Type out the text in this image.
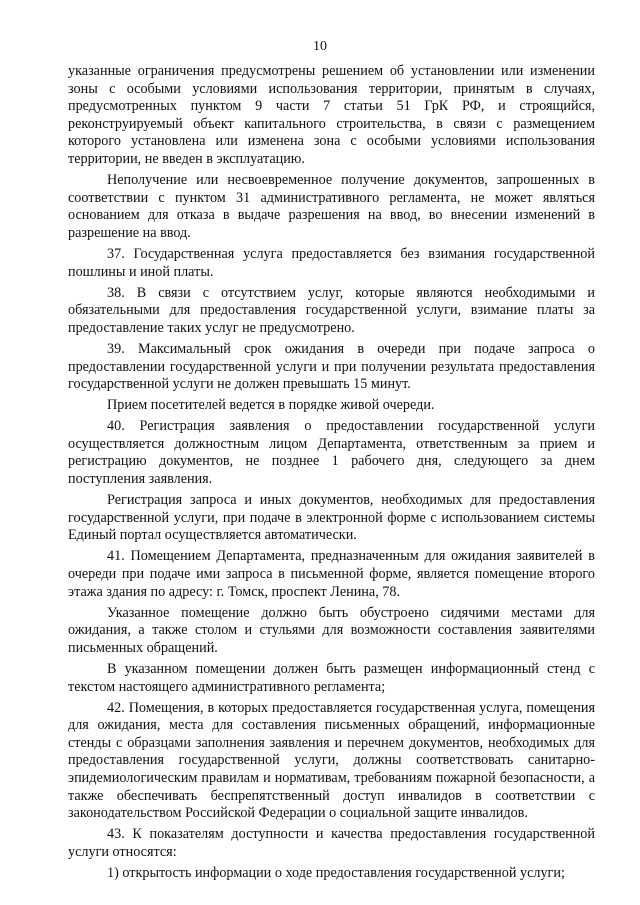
10

указанные ограничения предусмотрены решением об установлении или изменении зоны с особыми условиями использования территории, принятым в случаях, предусмотренных пунктом 9 части 7 статьи 51 ГрК РФ, и строящийся, реконструируемый объект капитального строительства, в связи с размещением которого установлена или изменена зона с особыми условиями использования территории, не введен в эксплуатацию.

Неполучение или несвоевременное получение документов, запрошенных в соответствии с пунктом 31 административного регламента, не может являться основанием для отказа в выдаче разрешения на ввод, во внесении изменений в разрешение на ввод.

37. Государственная услуга предоставляется без взимания государственной пошлины и иной платы.

38. В связи с отсутствием услуг, которые являются необходимыми и обязательными для предоставления государственной услуги, взимание платы за предоставление таких услуг не предусмотрено.

39. Максимальный срок ожидания в очереди при подаче запроса о предоставлении государственной услуги и при получении результата предоставления государственной услуги не должен превышать 15 минут.

Прием посетителей ведется в порядке живой очереди.

40. Регистрация заявления о предоставлении государственной услуги осуществляется должностным лицом Департамента, ответственным за прием и регистрацию документов, не позднее 1 рабочего дня, следующего за днем поступления заявления.

Регистрация запроса и иных документов, необходимых для предоставления государственной услуги, при подаче в электронной форме с использованием системы Единый портал осуществляется автоматически.

41. Помещением Департамента, предназначенным для ожидания заявителей в очереди при подаче ими запроса в письменной форме, является помещение второго этажа здания по адресу: г. Томск, проспект Ленина, 78.

Указанное помещение должно быть обустроено сидячими местами для ожидания, а также столом и стульями для возможности составления заявителями письменных обращений.

В указанном помещении должен быть размещен информационный стенд с текстом настоящего административного регламента;

42. Помещения, в которых предоставляется государственная услуга, помещения для ожидания, места для составления письменных обращений, информационные стенды с образцами заполнения заявления и перечнем документов, необходимых для предоставления государственной услуги, должны соответствовать санитарно-эпидемиологическим правилам и нормативам, требованиям пожарной безопасности, а также обеспечивать беспрепятственный доступ инвалидов в соответствии с законодательством Российской Федерации о социальной защите инвалидов.

43. К показателям доступности и качества предоставления государственной услуги относятся:

1) открытость информации о ходе предоставления государственной услуги;
